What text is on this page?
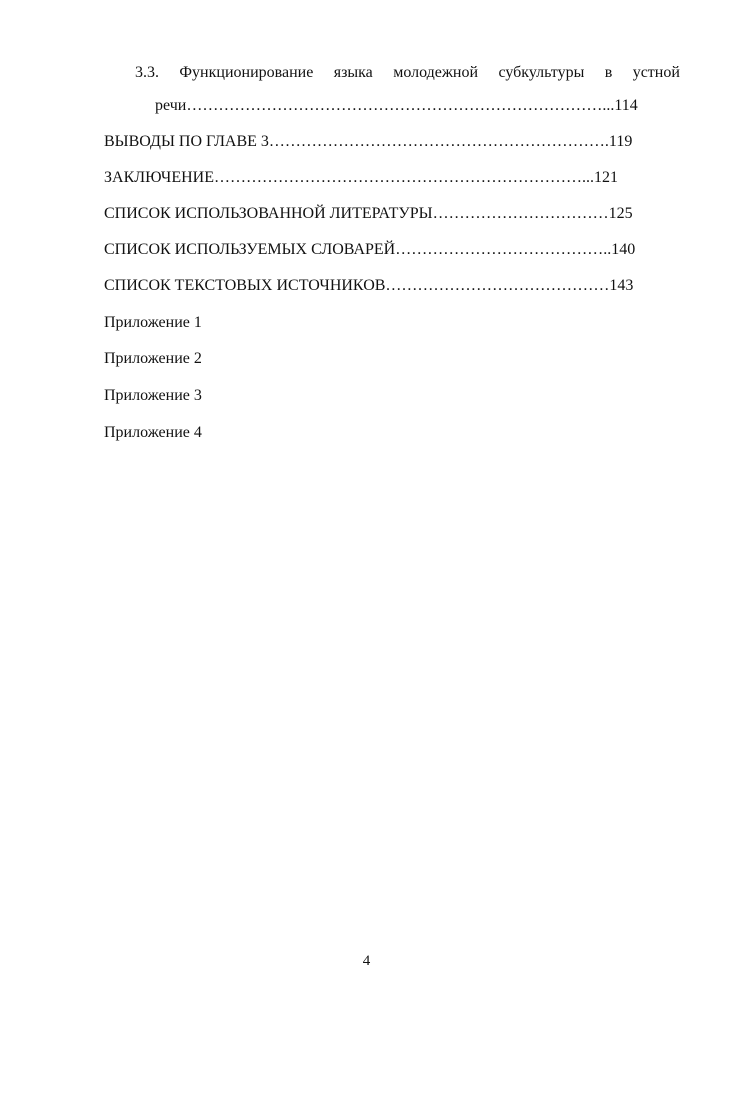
3.3. Функционирование языка молодежной субкультуры в устной
речи……………………………………………………………………...114
ВЫВОДЫ ПО ГЛАВЕ 3……………………………………………………….119
ЗАКЛЮЧЕНИЕ……………………………………………………………...121
СПИСОК ИСПОЛЬЗОВАННОЙ ЛИТЕРАТУРЫ……………………………125
СПИСОК ИСПОЛЬЗУЕМЫХ СЛОВАРЕЙ…………………………………..140
СПИСОК ТЕКСТОВЫХ ИСТОЧНИКОВ……………………………………143
Приложение 1
Приложение 2
Приложение 3
Приложение 4
4
